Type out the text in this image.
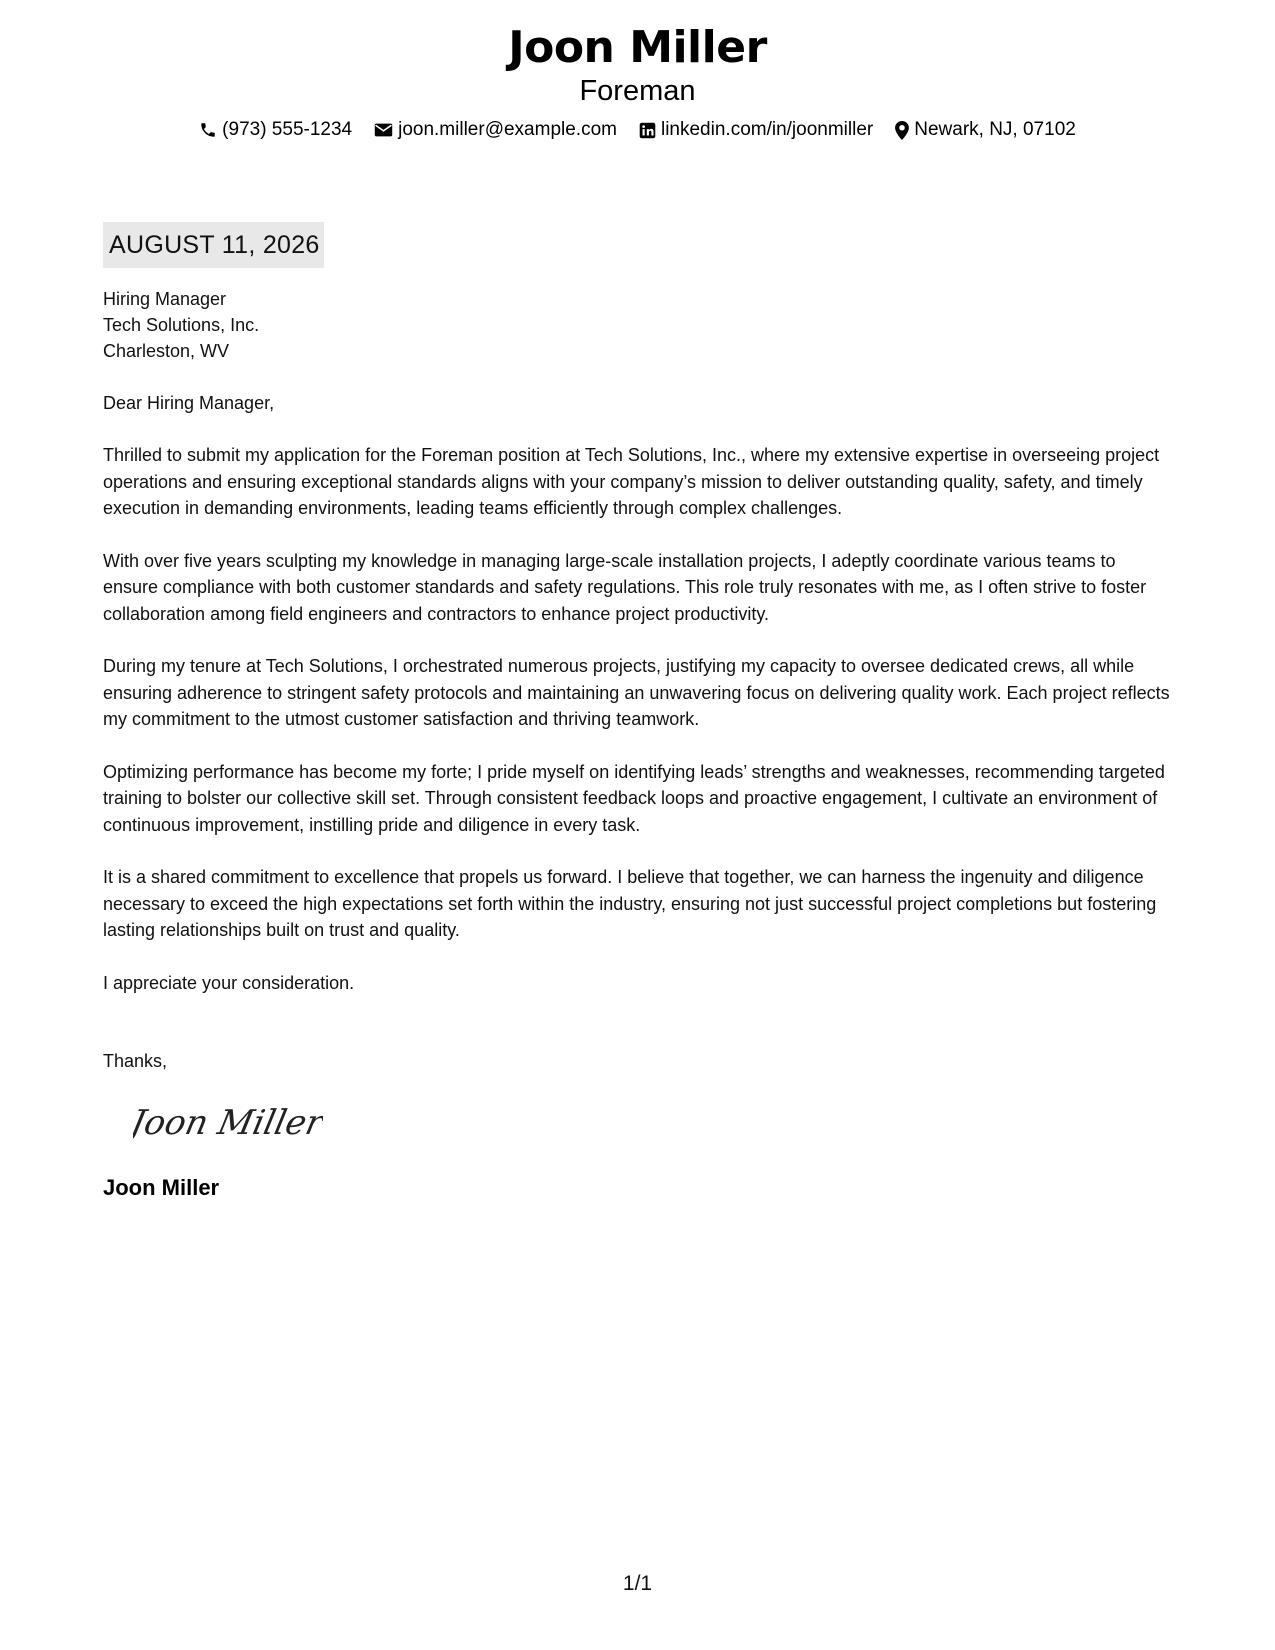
Joon Miller
Foreman
(973) 555-1234 joon.miller@example.com linkedin.com/in/joonmiller Newark, NJ, 07102
AUGUST 11, 2026
Hiring Manager
Tech Solutions, Inc.
Charleston, WV
Dear Hiring Manager,
Thrilled to submit my application for the Foreman position at Tech Solutions, Inc., where my extensive expertise in overseeing project operations and ensuring exceptional standards aligns with your company’s mission to deliver outstanding quality, safety, and timely execution in demanding environments, leading teams efficiently through complex challenges.
With over five years sculpting my knowledge in managing large-scale installation projects, I adeptly coordinate various teams to ensure compliance with both customer standards and safety regulations. This role truly resonates with me, as I often strive to foster collaboration among field engineers and contractors to enhance project productivity.
During my tenure at Tech Solutions, I orchestrated numerous projects, justifying my capacity to oversee dedicated crews, all while ensuring adherence to stringent safety protocols and maintaining an unwavering focus on delivering quality work. Each project reflects my commitment to the utmost customer satisfaction and thriving teamwork.
Optimizing performance has become my forte; I pride myself on identifying leads’ strengths and weaknesses, recommending targeted training to bolster our collective skill set. Through consistent feedback loops and proactive engagement, I cultivate an environment of continuous improvement, instilling pride and diligence in every task.
It is a shared commitment to excellence that propels us forward. I believe that together, we can harness the ingenuity and diligence necessary to exceed the high expectations set forth within the industry, ensuring not just successful project completions but fostering lasting relationships built on trust and quality.
I appreciate your consideration.
Thanks,
Joon Miller
Joon Miller
1/1
